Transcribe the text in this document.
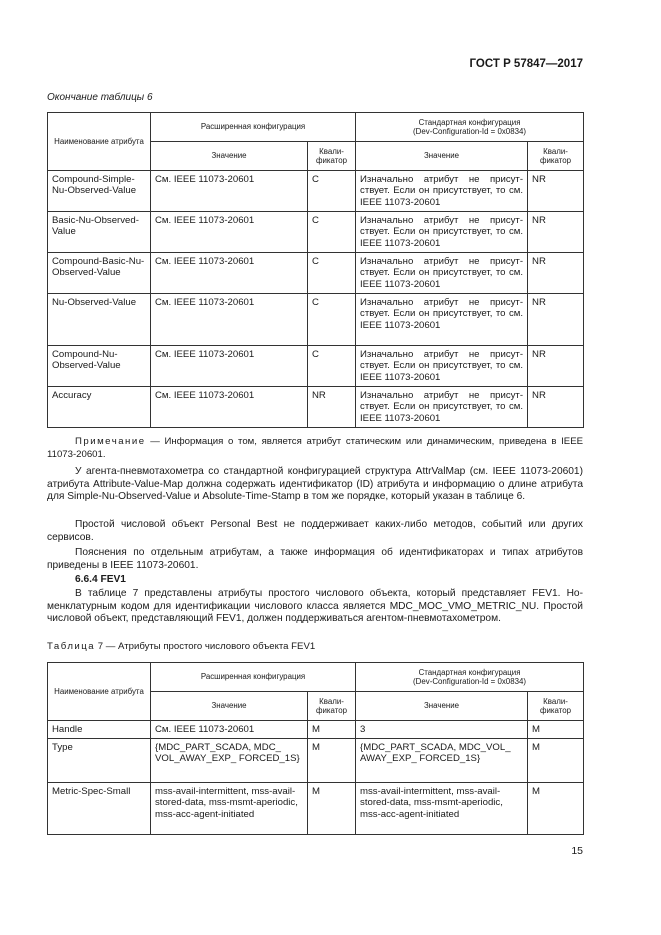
ГОСТ Р 57847—2017
Окончание таблицы 6
Наименование атрибута	Расширенная конфигурация		Стандартная конфигурация
(Dev-Configuration-Id = 0x0834)	

	Значение	Квали-фикатор	Значение	Квали-фикатор
Compound-Simple-Nu-Observed-Value	См. IEEE 11073-20601	C	Изначально атрибут не присут-ствует. Если он присутствует, то см. IEEE 11073-20601	NR
Basic-Nu-Observed-Value	См. IEEE 11073-20601	C	Изначально атрибут не присут-ствует. Если он присутствует, то см. IEEE 11073-20601	NR
Compound-Basic-Nu-Observed-Value	См. IEEE 11073-20601	C	Изначально атрибут не присут-ствует. Если он присутствует, то см. IEEE 11073-20601	NR
Nu-Observed-Value	См. IEEE 11073-20601	C	Изначально атрибут не присут-ствует. Если он присутствует, то см. IEEE 11073-20601	NR
Compound-Nu-Observed-Value	См. IEEE 11073-20601	C	Изначально атрибут не присут-ствует. Если он присутствует, то см. IEEE 11073-20601	NR
Accuracy	См. IEEE 11073-20601	NR	Изначально атрибут не присут-ствует. Если он присутствует, то см. IEEE 11073-20601	NR
Примечание — Информация о том, является атрибут статическим или динамическим, приведена в IEEE 11073-20601.
У агента-пневмотахометра со стандартной конфигурацией структура AttrValMap (см. IEEE 11073-20601) атрибута Attribute-Value-Map должна содержать идентификатор (ID) атрибута и информацию о длине атрибута для Simple-Nu-Observed-Value и Absolute-Time-Stamp в том же порядке, который указан в таблице 6.
Простой числовой объект Personal Best не поддерживает каких-либо методов, событий или других сервисов.
Пояснения по отдельным атрибутам, а также информация об идентификаторах и типах атрибутов приведены в IEEE 11073-20601.
6.6.4 FEV1
В таблице 7 представлены атрибуты простого числового объекта, который представляет FEV1. Но-менклатурным кодом для идентификации числового класса является MDC_MOC_VMO_METRIC_NU. Простой числовой объект, представляющий FEV1, должен поддерживаться агентом-пневмотахометром.
Таблица 7 — Атрибуты простого числового объекта FEV1
Наименование атрибута	Расширенная конфигурация		Стандартная конфигурация
(Dev-Configuration-Id = 0x0834)	

	Значение	Квали-фикатор	Значение	Квали-фикатор
Handle	См. IEEE 11073-20601	M	3	M
Type	{MDC_PART_SCADA, MDC_ VOL_AWAY_EXP_ FORCED_1S}	M	{MDC_PART_SCADA, MDC_VOL_ AWAY_EXP_ FORCED_1S}	M
Metric-Spec-Small	mss-avail-intermittent, mss-avail-stored-data, mss-msmt-aperiodic, mss-acc-agent-initiated	M	mss-avail-intermittent, mss-avail-stored-data, mss-msmt-aperiodic, mss-acc-agent-initiated	M
15
